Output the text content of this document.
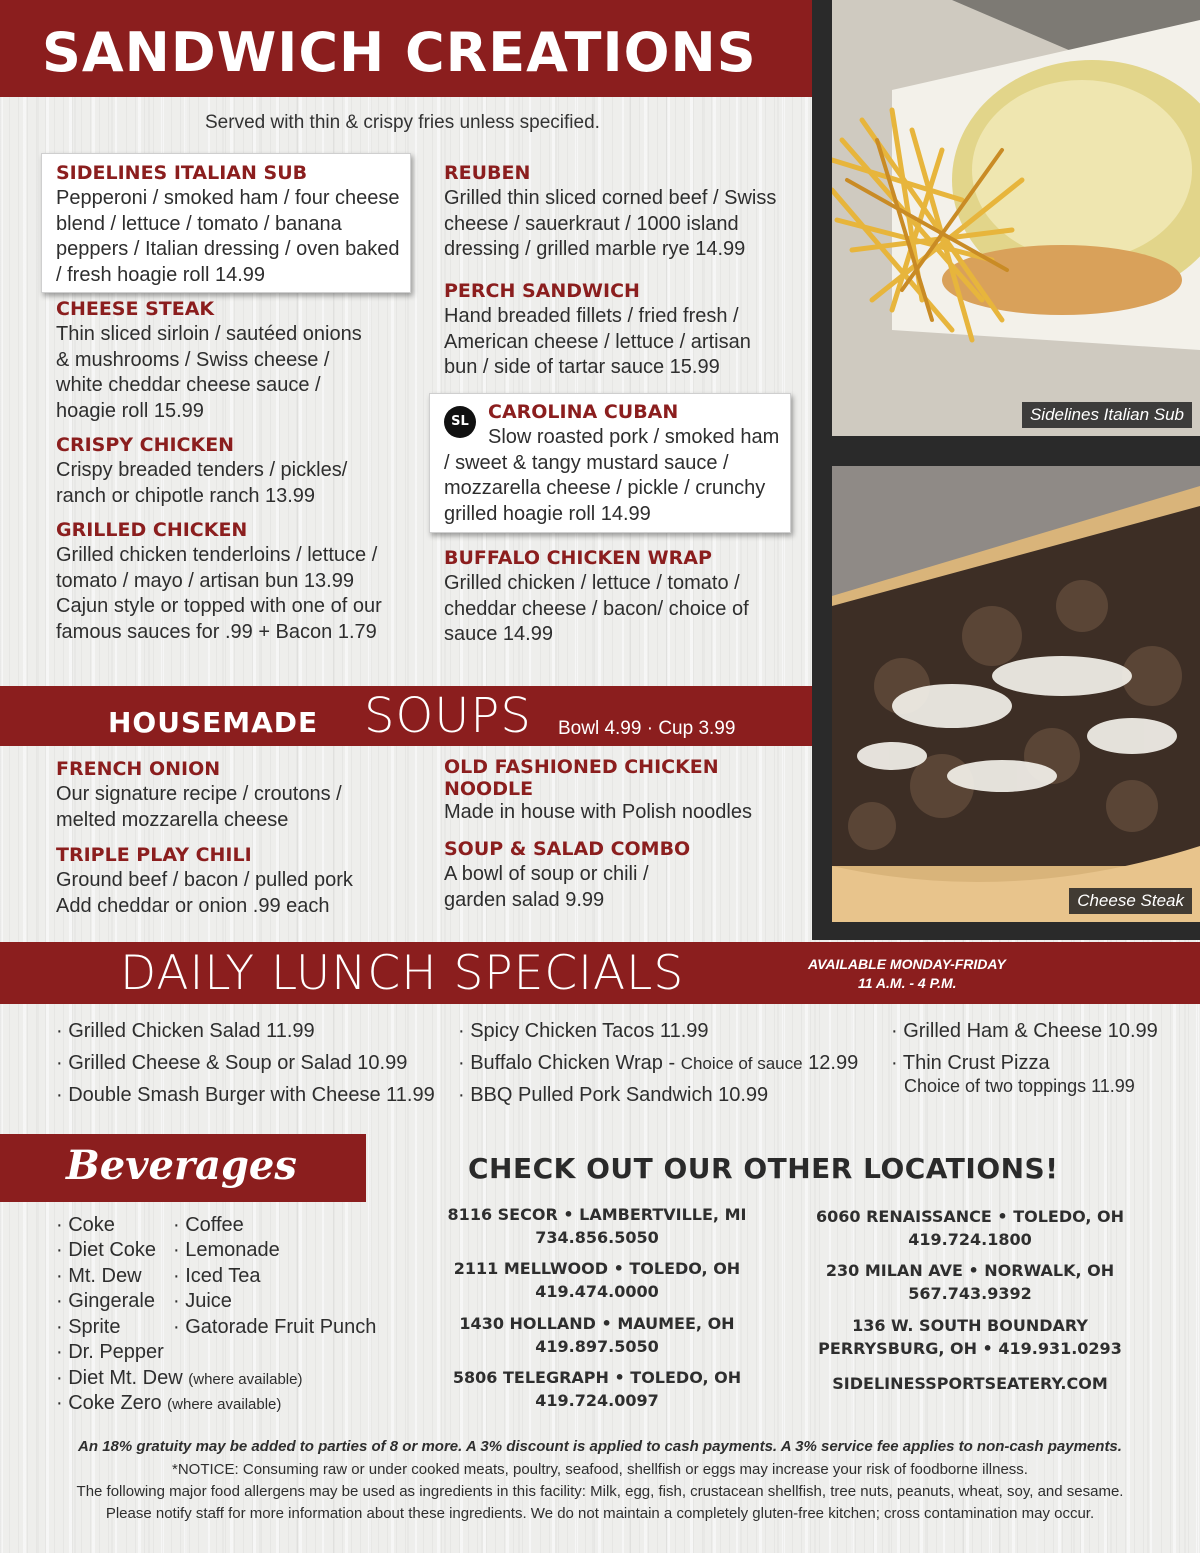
SANDWICH CREATIONS
Served with thin & crispy fries unless specified.
SIDELINES ITALIAN SUB
Pepperoni / smoked ham / four cheese blend / lettuce / tomato / banana peppers / Italian dressing / oven baked / fresh hoagie roll 14.99
CHEESE STEAK
Thin sliced sirloin / sautéed onions & mushrooms / Swiss cheese / white cheddar cheese sauce / hoagie roll 15.99
CRISPY CHICKEN
Crispy breaded tenders / pickles/ ranch or chipotle ranch 13.99
GRILLED CHICKEN
Grilled chicken tenderloins / lettuce / tomato / mayo / artisan bun 13.99 Cajun style or topped with one of our famous sauces for .99 + Bacon 1.79
REUBEN
Grilled thin sliced corned beef / Swiss cheese / sauerkraut / 1000 island dressing / grilled marble rye 14.99
PERCH SANDWICH
Hand breaded fillets / fried fresh / American cheese / lettuce / artisan bun / side of tartar sauce 15.99
SL	CAROLINA CUBAN
Slow roasted pork / smoked ham / sweet & tangy mustard sauce / mozzarella cheese / pickle / crunchy grilled hoagie roll 14.99
BUFFALO CHICKEN WRAP
Grilled chicken / lettuce / tomato / cheddar cheese / bacon/ choice of sauce 14.99
Sidelines Italian Sub
Cheese Steak
HOUSEMADE SOUPS Bowl 4.99 · Cup 3.99
FRENCH ONION
Our signature recipe / croutons / melted mozzarella cheese
TRIPLE PLAY CHILI
Ground beef / bacon / pulled pork Add cheddar or onion .99 each
OLD FASHIONED CHICKEN NOODLE
Made in house with Polish noodles
SOUP & SALAD COMBO
A bowl of soup or chili / garden salad 9.99
DAILY LUNCH SPECIALS	AVAILABLE MONDAY-FRIDAY
11 A.M. - 4 P.M.
· Grilled Chicken Salad 11.99
· Grilled Cheese & Soup or Salad 10.99
· Double Smash Burger with Cheese 11.99
· Spicy Chicken Tacos 11.99
· Buffalo Chicken Wrap - Choice of sauce 12.99
· BBQ Pulled Pork Sandwich 10.99
· Grilled Ham & Cheese 10.99
· Thin Crust Pizza
Choice of two toppings 11.99
Beverages
· Coke
· Diet Coke
· Mt. Dew
· Gingerale
· Sprite
· Dr. Pepper
· Diet Mt. Dew (where available)
· Coke Zero (where available)
· Coffee
· Lemonade
· Iced Tea
· Juice
· Gatorade Fruit Punch
CHECK OUT OUR OTHER LOCATIONS!
8116 SECOR • LAMBERTVILLE, MI
734.856.5050
2111 MELLWOOD • TOLEDO, OH
419.474.0000
1430 HOLLAND • MAUMEE, OH
419.897.5050
5806 TELEGRAPH • TOLEDO, OH
419.724.0097
6060 RENAISSANCE • TOLEDO, OH
419.724.1800
230 MILAN AVE • NORWALK, OH
567.743.9392
136 W. SOUTH BOUNDARY
PERRYSBURG, OH • 419.931.0293
SIDELINESSPORTSEATERY.COM
An 18% gratuity may be added to parties of 8 or more. A 3% discount is applied to cash payments. A 3% service fee applies to non-cash payments.
*NOTICE: Consuming raw or under cooked meats, poultry, seafood, shellfish or eggs may increase your risk of foodborne illness.
The following major food allergens may be used as ingredients in this facility: Milk, egg, fish, crustacean shellfish, tree nuts, peanuts, wheat, soy, and sesame.
Please notify staff for more information about these ingredients. We do not maintain a completely gluten-free kitchen; cross contamination may occur.
